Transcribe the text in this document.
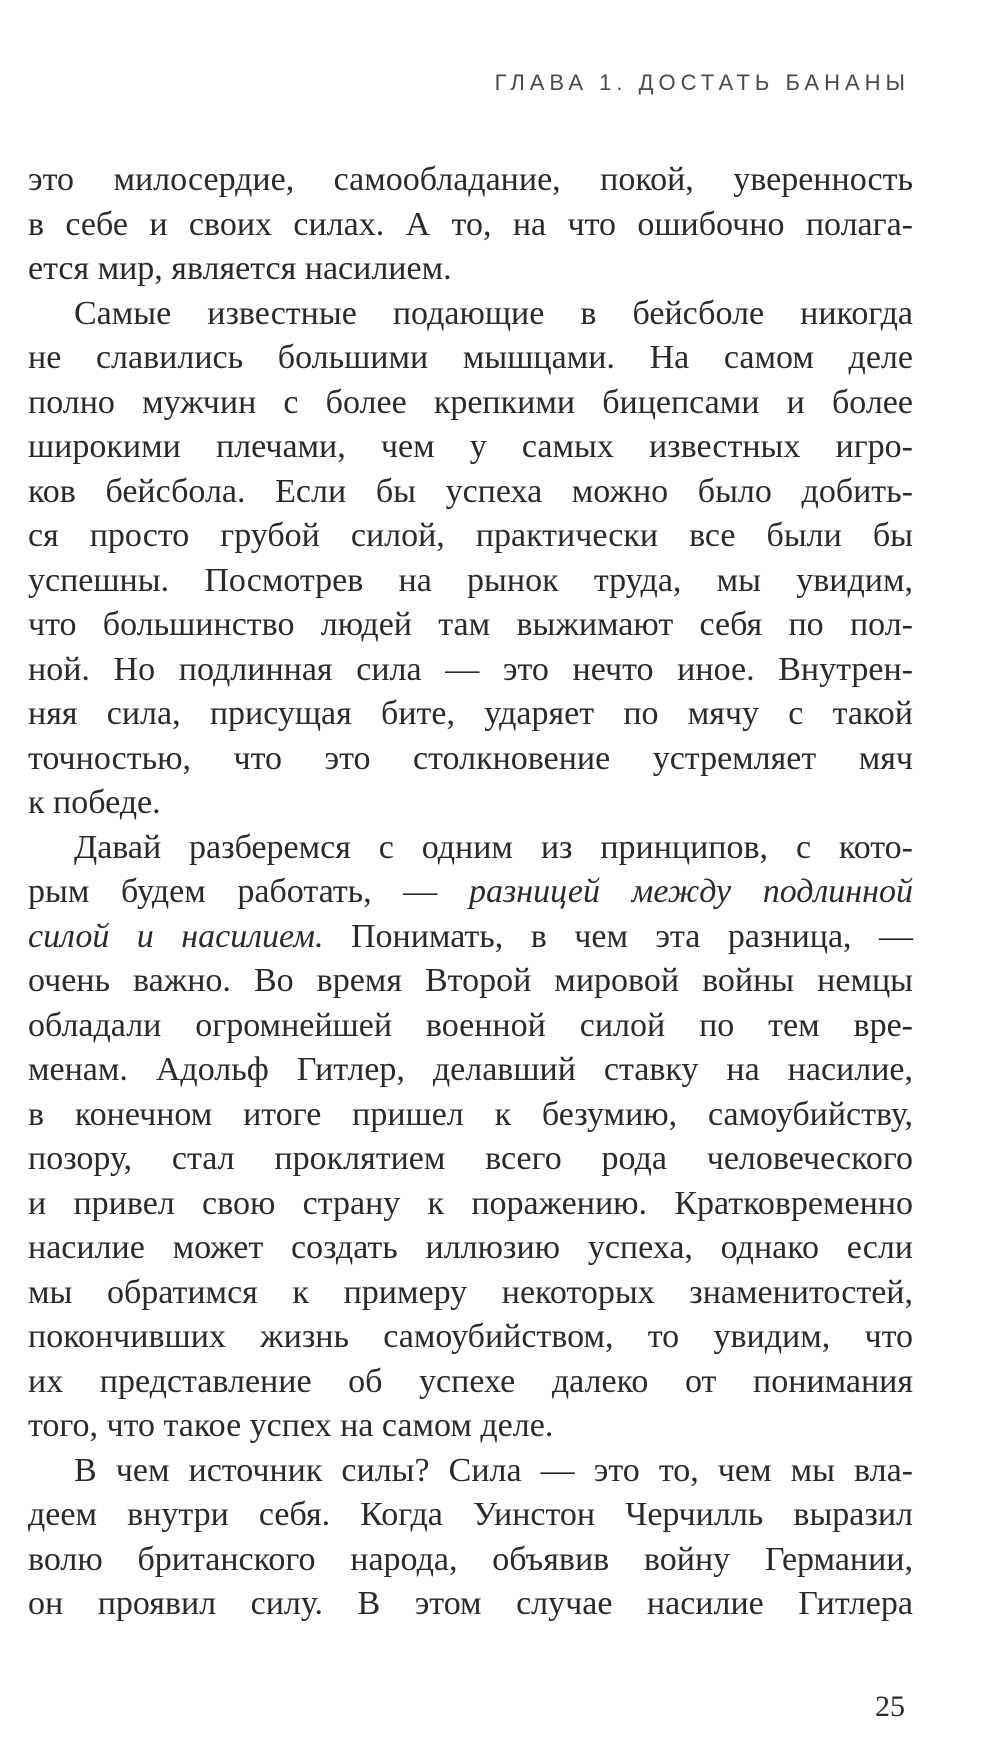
ГЛАВА 1. ДОСТАТЬ БАНАНЫ
это милосердие, самообладание, покой, уверенность
в себе и своих силах. А то, на что ошибочно полага-
ется мир, является насилием.
Самые известные подающие в бейсболе никогда
не славились большими мышцами. На самом деле
полно мужчин с более крепкими бицепсами и более
широкими плечами, чем у самых известных игро-
ков бейсбола. Если бы успеха можно было добить-
ся просто грубой силой, практически все были бы
успешны. Посмотрев на рынок труда, мы увидим,
что большинство людей там выжимают себя по пол-
ной. Но подлинная сила — это нечто иное. Внутрен-
няя сила, присущая бите, ударяет по мячу с такой
точностью, что это столкновение устремляет мяч
к победе.
Давай разберемся с одним из принципов, с кото-
рым будем работать, — разницей между подлинной
силой и насилием. Понимать, в чем эта разница, —
очень важно. Во время Второй мировой войны немцы
обладали огромнейшей военной силой по тем вре-
менам. Адольф Гитлер, делавший ставку на насилие,
в конечном итоге пришел к безумию, самоубийству,
позору, стал проклятием всего рода человеческого
и привел свою страну к поражению. Кратковременно
насилие может создать иллюзию успеха, однако если
мы обратимся к примеру некоторых знаменитостей,
покончивших жизнь самоубийством, то увидим, что
их представление об успехе далеко от понимания
того, что такое успех на самом деле.
В чем источник силы? Сила — это то, чем мы вла-
деем внутри себя. Когда Уинстон Черчилль выразил
волю британского народа, объявив войну Германии,
он проявил силу. В этом случае насилие Гитлера
25
